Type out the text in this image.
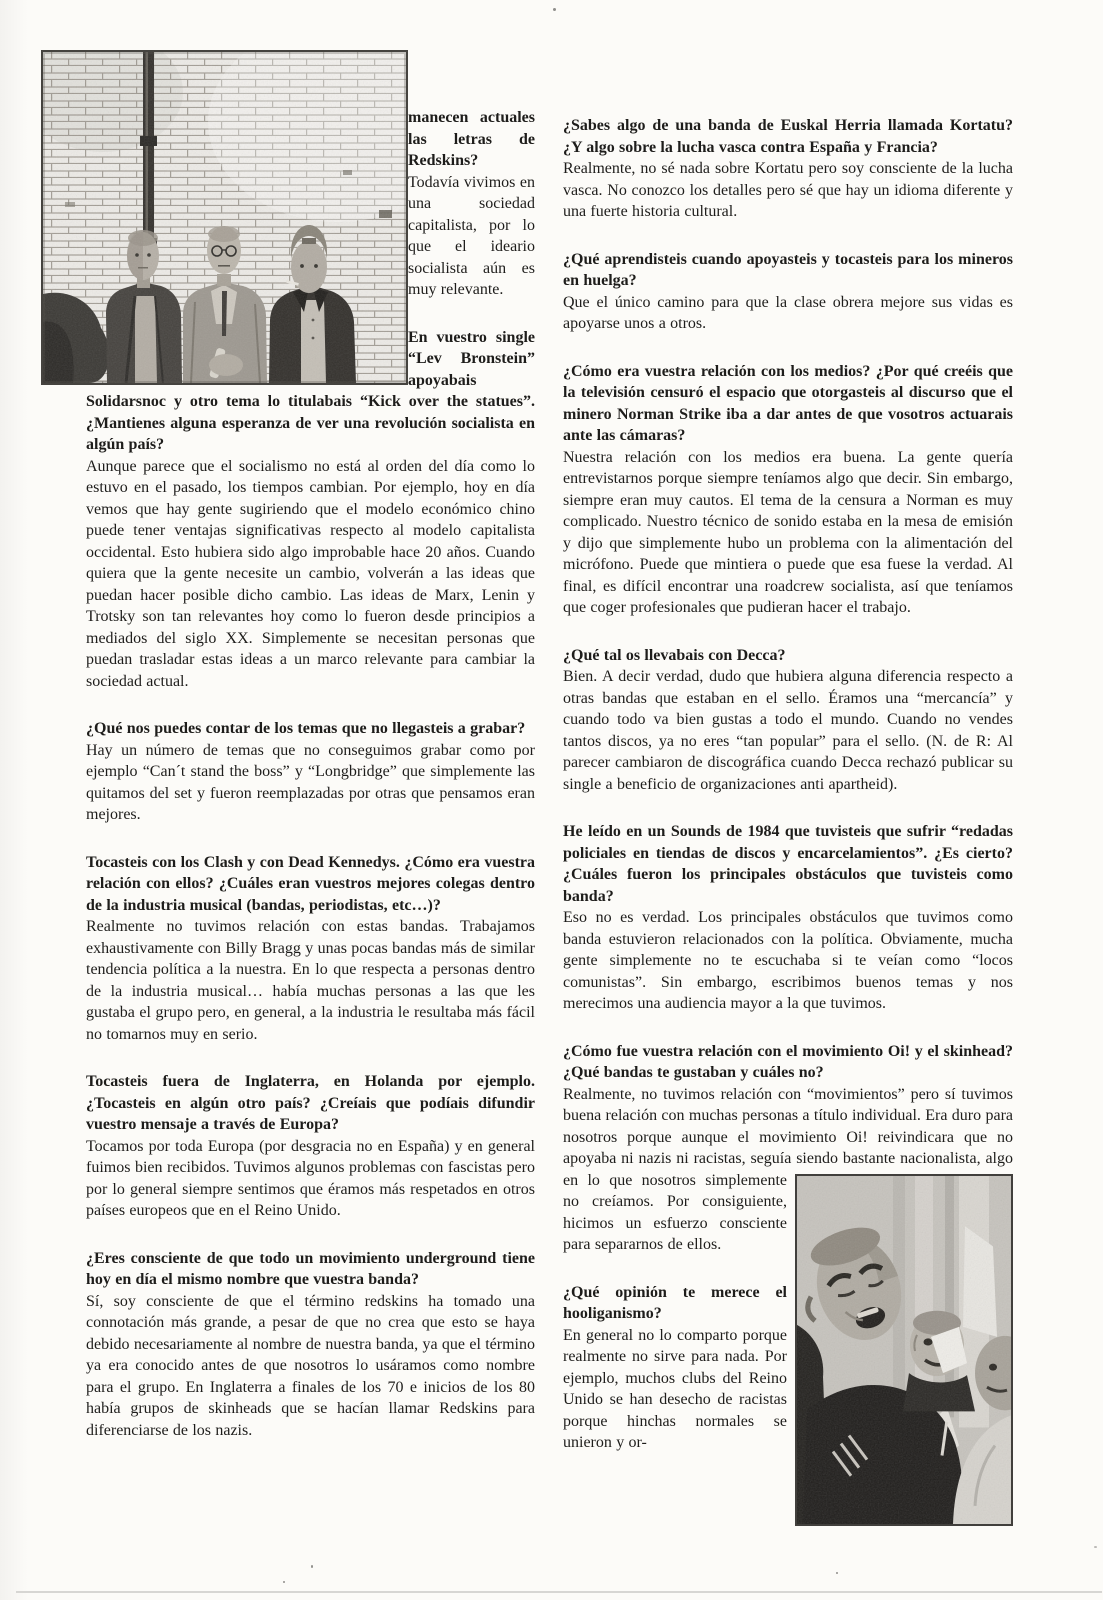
manecen actuales las letras de Redskins?

Todavía vivimos en una sociedad capitalista, por lo que el ideario socialista aún es muy relevante.

En vuestro single “Lev Bronstein” apoyabais Solidarsnoc y otro tema lo titulabais “Kick over the statues”. ¿Mantienes alguna esperanza de ver una revolución socialista en algún país?

Aunque parece que el socialismo no está al orden del día como lo estuvo en el pasado, los tiempos cambian. Por ejemplo, hoy en día vemos que hay gente sugiriendo que el modelo económico chino puede tener ventajas significativas respecto al modelo capitalista occidental. Esto hubiera sido algo improbable hace 20 años. Cuando quiera que la gente necesite un cambio, volverán a las ideas que puedan hacer posible dicho cambio. Las ideas de Marx, Lenin y Trotsky son tan relevantes hoy como lo fueron desde principios a mediados del siglo XX. Simplemente se necesitan personas que puedan trasladar estas ideas a un marco relevante para cambiar la sociedad actual.

¿Qué nos puedes contar de los temas que no llegasteis a grabar?

Hay un número de temas que no conseguimos grabar como por ejemplo “Can´t stand the boss” y “Longbridge” que simplemente las quitamos del set y fueron reemplazadas por otras que pensamos eran mejores.

Tocasteis con los Clash y con Dead Kennedys. ¿Cómo era vuestra relación con ellos? ¿Cuáles eran vuestros mejores colegas dentro de la industria musical (bandas, periodistas, etc…)?

Realmente no tuvimos relación con estas bandas. Trabajamos exhaustivamente con Billy Bragg y unas pocas bandas más de similar tendencia política a la nuestra. En lo que respecta a personas dentro de la industria musical… había muchas personas a las que les gustaba el grupo pero, en general, a la industria le resultaba más fácil no tomarnos muy en serio.

Tocasteis fuera de Inglaterra, en Holanda por ejemplo. ¿Tocasteis en algún otro país? ¿Creíais que podíais difundir vuestro mensaje a través de Europa?

Tocamos por toda Europa (por desgracia no en España) y en general fuimos bien recibidos. Tuvimos algunos problemas con fascistas pero por lo general siempre sentimos que éramos más respetados en otros países europeos que en el Reino Unido.

¿Eres consciente de que todo un movimiento underground tiene hoy en día el mismo nombre que vuestra banda?

Sí, soy consciente de que el término redskins ha tomado una connotación más grande, a pesar de que no crea que esto se haya debido necesariamente al nombre de nuestra banda, ya que el término ya era conocido antes de que nosotros lo usáramos como nombre para el grupo. En Inglaterra a finales de los 70 e inicios de los 80 había grupos de skinheads que se hacían llamar Redskins para diferenciarse de los nazis.

¿Sabes algo de una banda de Euskal Herria llamada Kortatu? ¿Y algo sobre la lucha vasca contra España y Francia?

Realmente, no sé nada sobre Kortatu pero soy consciente de la lucha vasca. No conozco los detalles pero sé que hay un idioma diferente y una fuerte historia cultural.

¿Qué aprendisteis cuando apoyasteis y tocasteis para los mineros en huelga?

Que el único camino para que la clase obrera mejore sus vidas es apoyarse unos a otros.

¿Cómo era vuestra relación con los medios? ¿Por qué creéis que la televisión censuró el espacio que otorgasteis al discurso que el minero Norman Strike iba a dar antes de que vosotros actuarais ante las cámaras?

Nuestra relación con los medios era buena. La gente quería entrevistarnos porque siempre teníamos algo que decir. Sin embargo, siempre eran muy cautos. El tema de la censura a Norman es muy complicado. Nuestro técnico de sonido estaba en la mesa de emisión y dijo que simplemente hubo un problema con la alimentación del micrófono. Puede que mintiera o puede que esa fuese la verdad. Al final, es difícil encontrar una roadcrew socialista, así que teníamos que coger profesionales que pudieran hacer el trabajo.

¿Qué tal os llevabais con Decca?

Bien. A decir verdad, dudo que hubiera alguna diferencia respecto a otras bandas que estaban en el sello. Éramos una “mercancía” y cuando todo va bien gustas a todo el mundo. Cuando no vendes tantos discos, ya no eres “tan popular” para el sello. (N. de R: Al parecer cambiaron de discográfica cuando Decca rechazó publicar su single a beneficio de organizaciones anti apartheid).

He leído en un Sounds de 1984 que tuvisteis que sufrir “redadas policiales en tiendas de discos y encarcelamientos”. ¿Es cierto? ¿Cuáles fueron los principales obstáculos que tuvisteis como banda?

Eso no es verdad. Los principales obstáculos que tuvimos como banda estuvieron relacionados con la política. Obviamente, mucha gente simplemente no te escuchaba si te veían como “locos comunistas”. Sin embargo, escribimos buenos temas y nos merecimos una audiencia mayor a la que tuvimos.

¿Cómo fue vuestra relación con el movimiento Oi! y el skinhead? ¿Qué bandas te gustaban y cuáles no?

Realmente, no tuvimos relación con “movimientos” pero sí tuvimos buena relación con muchas personas a título individual. Era duro para nosotros porque aunque el movimiento Oi! reivindicara que no apoyaba ni nazis ni racistas, seguía siendo bastante
nacionalista, algo en lo que nosotros simplemente no creíamos. Por consiguiente, hicimos un esfuerzo consciente para separarnos de ellos.

¿Qué opinión te merece el hooliganismo?

En general no lo comparto porque realmente no sirve para nada. Por ejemplo, muchos clubs del Reino Unido se han desecho de racistas porque hinchas normales se unieron y or-
